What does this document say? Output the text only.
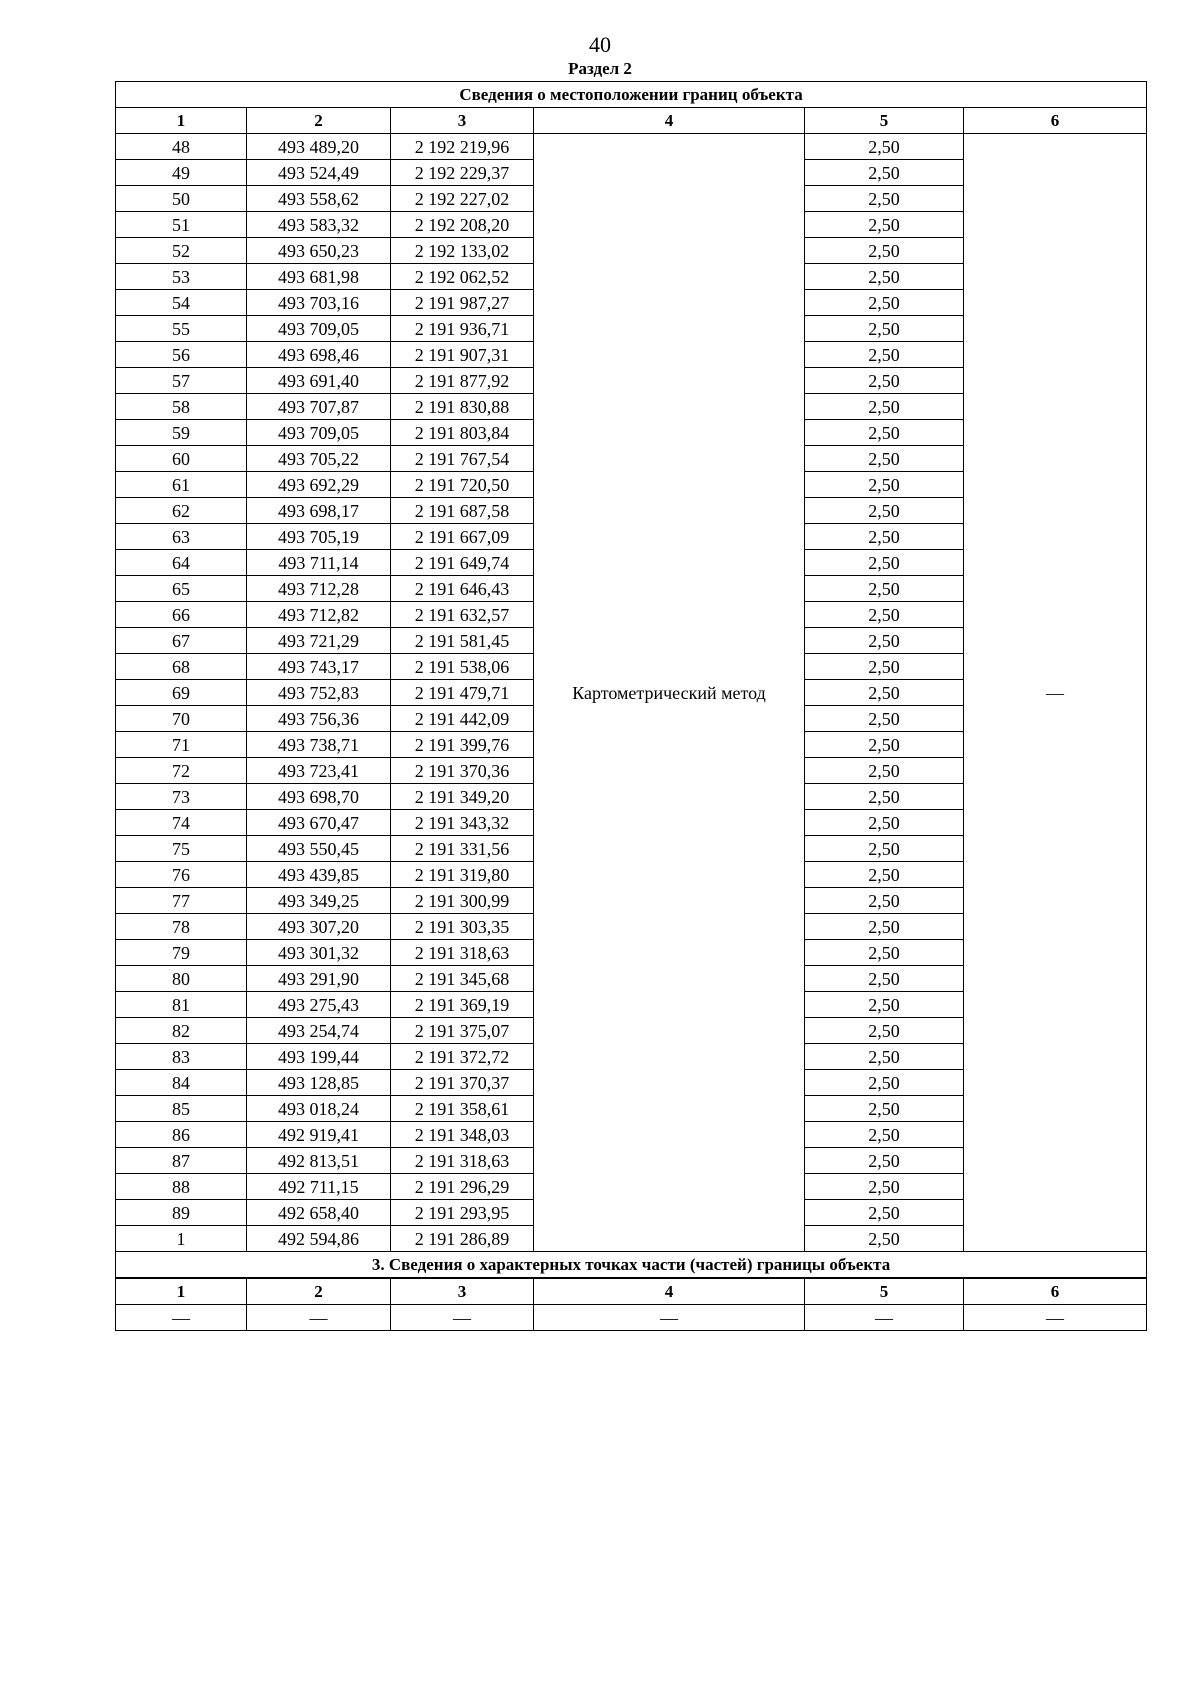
40
Раздел 2
Сведения о местоположении границ объекта					
1	2	3	4	5	6
48	493 489,20	2 192 219,96	Картометрический метод	2,50	—
49	493 524,49	2 192 229,37		2,50	
50	493 558,62	2 192 227,02		2,50	
51	493 583,32	2 192 208,20		2,50	
52	493 650,23	2 192 133,02		2,50	
53	493 681,98	2 192 062,52		2,50	
54	493 703,16	2 191 987,27		2,50	
55	493 709,05	2 191 936,71		2,50	
56	493 698,46	2 191 907,31		2,50	
57	493 691,40	2 191 877,92		2,50	
58	493 707,87	2 191 830,88		2,50	
59	493 709,05	2 191 803,84		2,50	
60	493 705,22	2 191 767,54		2,50	
61	493 692,29	2 191 720,50		2,50	
62	493 698,17	2 191 687,58		2,50	
63	493 705,19	2 191 667,09		2,50	
64	493 711,14	2 191 649,74		2,50	
65	493 712,28	2 191 646,43		2,50	
66	493 712,82	2 191 632,57		2,50	
67	493 721,29	2 191 581,45		2,50	
68	493 743,17	2 191 538,06		2,50	
69	493 752,83	2 191 479,71		2,50	
70	493 756,36	2 191 442,09		2,50	
71	493 738,71	2 191 399,76		2,50	
72	493 723,41	2 191 370,36		2,50	
73	493 698,70	2 191 349,20		2,50	
74	493 670,47	2 191 343,32		2,50	
75	493 550,45	2 191 331,56		2,50	
76	493 439,85	2 191 319,80		2,50	
77	493 349,25	2 191 300,99		2,50	
78	493 307,20	2 191 303,35		2,50	
79	493 301,32	2 191 318,63		2,50	
80	493 291,90	2 191 345,68		2,50	
81	493 275,43	2 191 369,19		2,50	
82	493 254,74	2 191 375,07		2,50	
83	493 199,44	2 191 372,72		2,50	
84	493 128,85	2 191 370,37		2,50	
85	493 018,24	2 191 358,61		2,50	
86	492 919,41	2 191 348,03		2,50	
87	492 813,51	2 191 318,63		2,50	
88	492 711,15	2 191 296,29		2,50	
89	492 658,40	2 191 293,95		2,50	
1	492 594,86	2 191 286,89		2,50	
3. Сведения о характерных точках части (частей) границы объекта					
1	2	3	4	5	6
—	—	—	—	—	—
